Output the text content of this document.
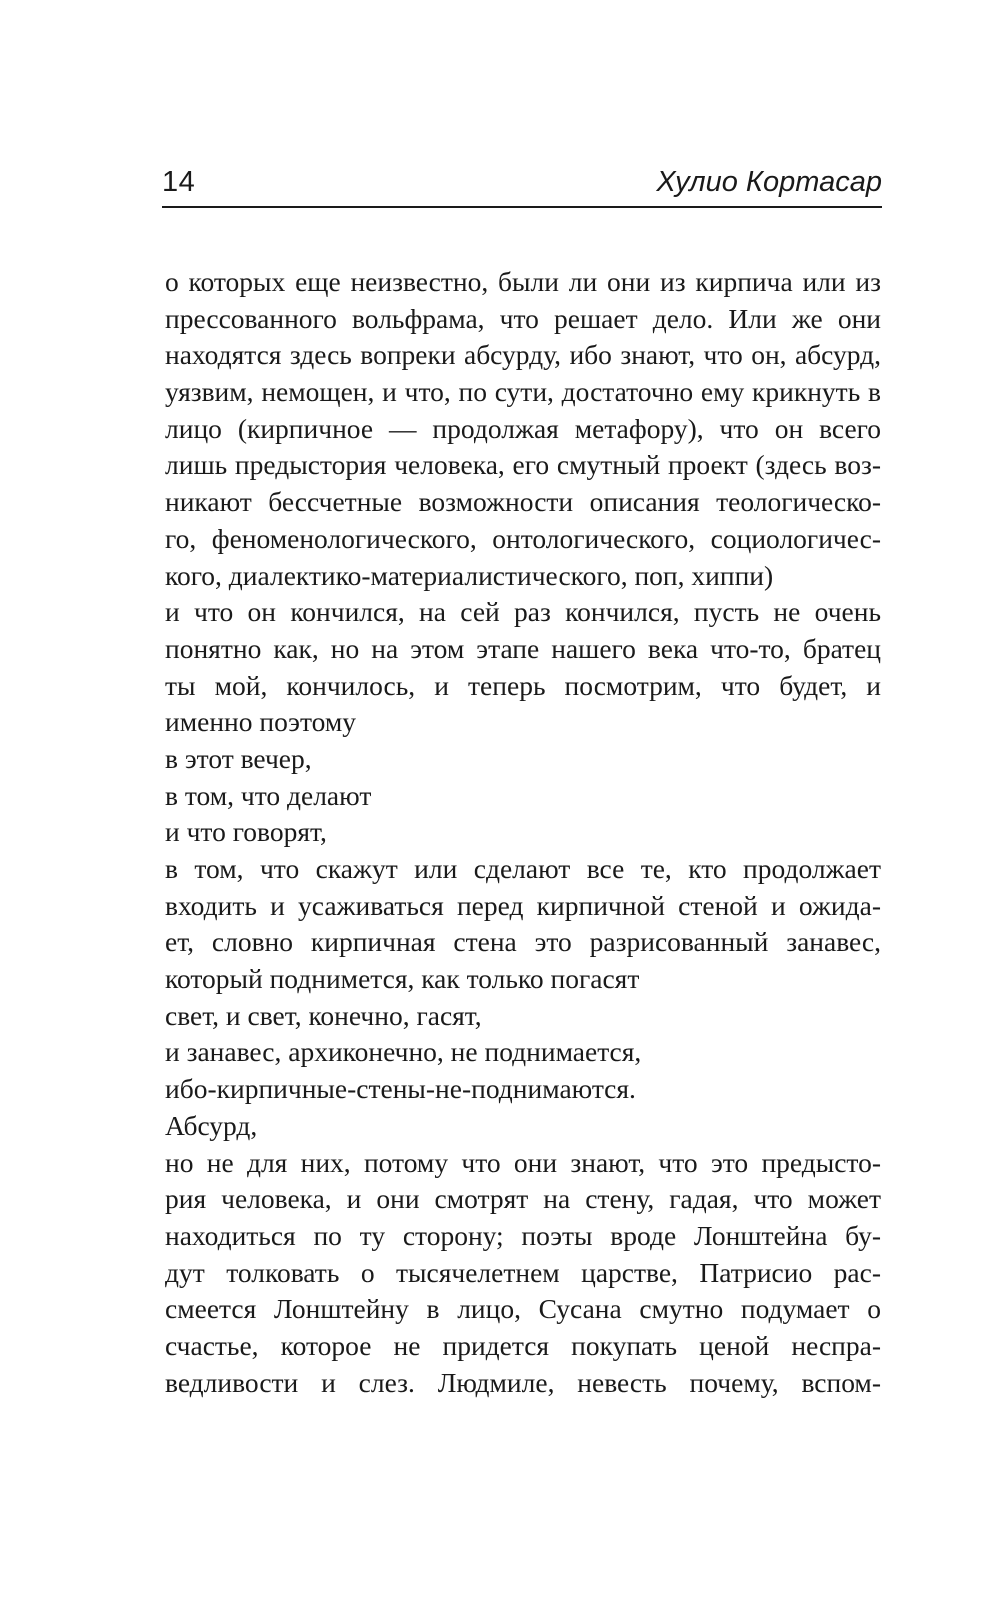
14	Хулио Кортасар
о которых еще неизвестно, были ли они из кирпича или из
прессованного вольфрама, что решает дело. Или же они
находятся здесь вопреки абсурду, ибо знают, что он, абсурд,
уязвим, немощен, и что, по сути, достаточно ему крикнуть в
лицо (кирпичное — продолжая метафору), что он всего
лишь предыстория человека, его смутный проект (здесь воз-
никают бессчетные возможности описания теологическо-
го, феноменологического, онтологического, социологичес-
кого, диалектико-материалистического, поп, хиппи)
и что он кончился, на сей раз кончился, пусть не очень
понятно как, но на этом этапе нашего века что-то, братец
ты мой, кончилось, и теперь посмотрим, что будет, и
именно поэтому
в этот вечер,
в том, что делают
и что говорят,
в том, что скажут или сделают все те, кто продолжает
входить и усаживаться перед кирпичной стеной и ожида-
ет, словно кирпичная стена это разрисованный занавес,
который поднимется, как только погасят
свет, и свет, конечно, гасят,
и занавес, архиконечно, не поднимается,
ибо-кирпичные-стены-не-поднимаются.
Абсурд,
но не для них, потому что они знают, что это предысто-
рия человека, и они смотрят на стену, гадая, что может
находиться по ту сторону; поэты вроде Лонштейна бу-
дут толковать о тысячелетнем царстве, Патрисио рас-
смеется Лонштейну в лицо, Сусана смутно подумает о
счастье, которое не придется покупать ценой неспра-
ведливости и слез. Людмиле, невесть почему, вспом-
